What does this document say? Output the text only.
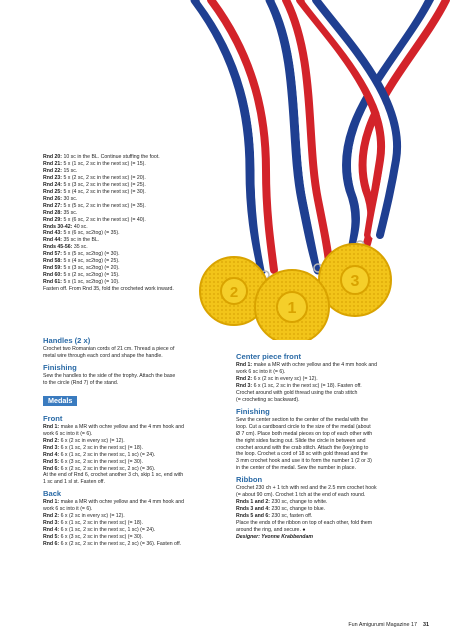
3
2
1
Rnd 20: 10 sc in the BL. Continue stuffing the foot.
Rnd 21: 5 x (1 sc, 2 sc in the next sc) (= 15).
Rnd 22: 15 sc.
Rnd 23: 5 x (2 sc, 2 sc in the next sc) (= 20).
Rnd 24: 5 x (3 sc, 2 sc in the next sc) (= 25).
Rnd 25: 5 x (4 sc, 2 sc in the next sc) (= 30).
Rnd 26: 30 sc.
Rnd 27: 5 x (5 sc, 2 sc in the next sc) (= 35).
Rnd 28: 35 sc.
Rnd 29: 5 x (6 sc, 2 sc in the next sc) (= 40).
Rnds 30-42: 40 sc.
Rnd 43: 5 x (6 sc, sc2tog) (= 35).
Rnd 44: 35 sc in the BL.
Rnds 45-56: 35 sc.
Rnd 57: 5 x (5 sc, sc2tog) (= 30).
Rnd 58: 5 x (4 sc, sc2tog) (= 25).
Rnd 59: 5 x (3 sc, sc2tog) (= 20).
Rnd 60: 5 x (2 sc, sc2tog) (= 15).
Rnd 61: 5 x (1 sc, sc2tog) (= 10).
Fasten off. From Rnd 35, fold the crocheted work inward.
Handles (2 x)
Crochet two Romanian cords of 21 cm. Thread a piece of
metal wire through each cord and shape the handle.
Finishing
Sew the handles to the side of the trophy. Attach the base
to the circle (Rnd 7) of the stand.
Medals
Front
Rnd 1: make a MR with ochre yellow and the 4 mm hook and
work 6 sc into it (= 6).
Rnd 2: 6 x (2 sc in every sc) (= 12).
Rnd 3: 6 x (1 sc, 2 sc in the next sc) (= 18).
Rnd 4: 6 x (1 sc, 2 sc in the next sc, 1 sc) (= 24).
Rnd 5: 6 x (3 sc, 2 sc in the next sc) (= 30).
Rnd 6: 6 x (2 sc, 2 sc in the next sc, 2 sc) (= 36).
At the end of Rnd 6, crochet another 3 ch, skip 1 sc, end with
1 sc and 1 sl st. Fasten off.
Back
Rnd 1: make a MR with ochre yellow and the 4 mm hook and
work 6 sc into it (= 6).
Rnd 2: 6 x (2 sc in every sc) (= 12).
Rnd 3: 6 x (1 sc, 2 sc in the next sc) (= 18).
Rnd 4: 6 x (1 sc, 2 sc in the next sc, 1 sc) (= 24).
Rnd 5: 6 x (3 sc, 2 sc in the next sc) (= 30).
Rnd 6: 6 x (2 sc, 2 sc in the next sc, 2 sc) (= 36). Fasten off.
Center piece front
Rnd 1: make a MR with ochre yellow and the 4 mm hook and
work 6 sc into it (= 6).
Rnd 2: 6 x (2 sc in every sc) (= 12).
Rnd 3: 6 x (1 sc, 2 sc in the next sc) (= 18). Fasten off.
Crochet around with gold thread using the crab stitch
(= crocheting sc backward).
Finishing
Sew the center section to the center of the medal with the
loop. Cut a cardboard circle to the size of the medal (about
Ø 7 cm). Place both medal pieces on top of each other with
the right sides facing out. Slide the circle in between and
crochet around with the crab stitch. Attach the (key)ring to
the loop. Crochet a cord of 18 sc with gold thread and the
3 mm crochet hook and use it to form the number 1 (2 or 3)
in the center of the medal. Sew the number in place.
Ribbon
Crochet 230 ch + 1 tch with red and the 2.5 mm crochet hook
(= about 90 cm). Crochet 1 tch at the end of each round.
Rnds 1 and 2: 230 sc, change to white.
Rnds 3 and 4: 230 sc, change to blue.
Rnds 5 and 6: 230 sc, fasten off.
Place the ends of the ribbon on top of each other, fold them
around the ring, and secure. ●
Designer: Yvonne Krabbendam
Fun Amigurumi Magazine 17 31
